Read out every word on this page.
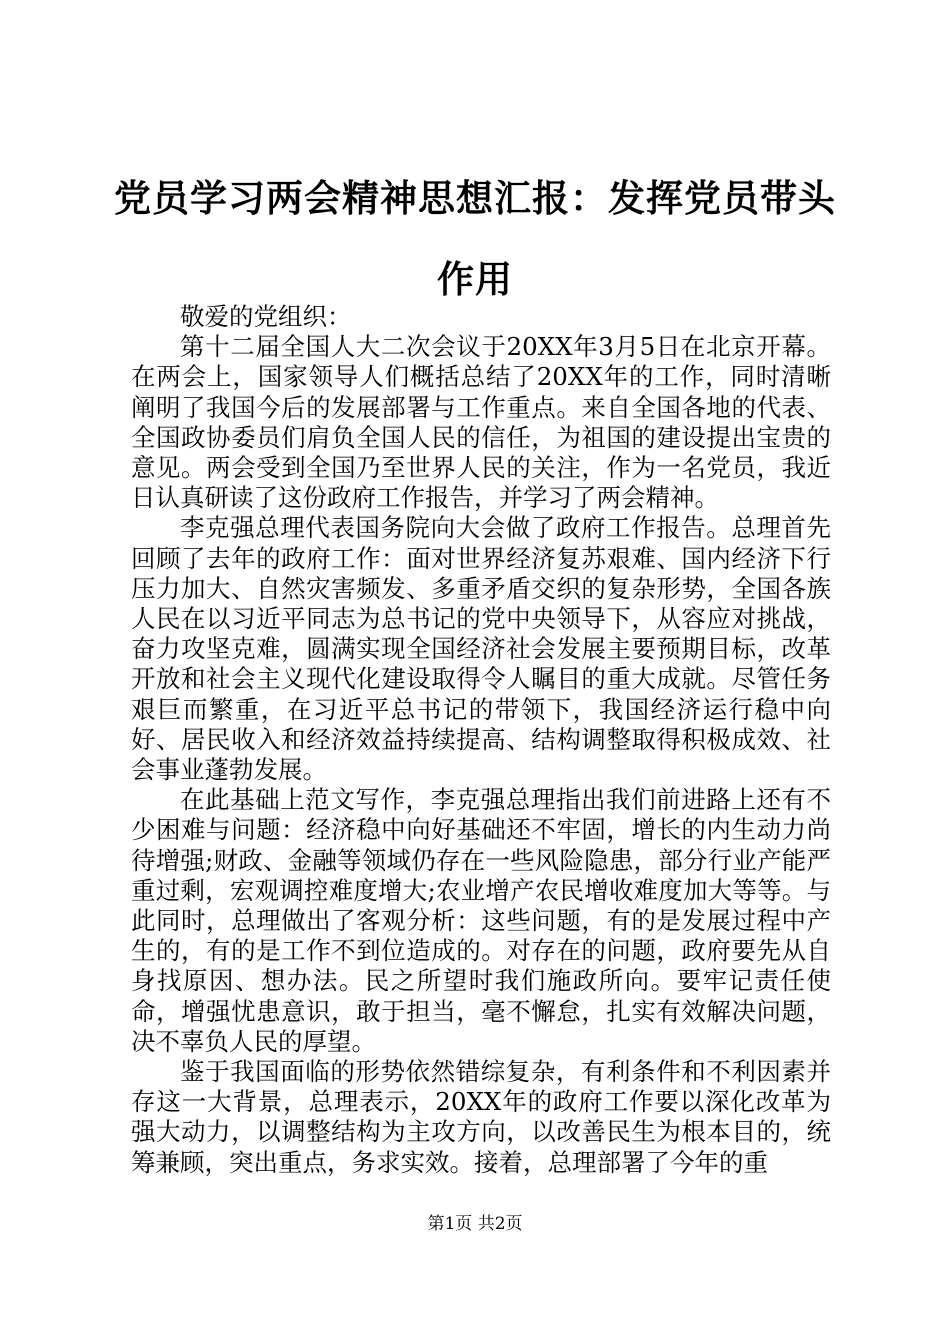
党员学习两会精神思想汇报：发挥党员带头作用

敬爱的党组织：

第十二届全国人大二次会议于20XX年3月5日在北京开幕。在两会上，国家领导人们概括总结了20XX年的工作，同时清晰阐明了我国今后的发展部署与工作重点。来自全国各地的代表、全国政协委员们肩负全国人民的信任，为祖国的建设提出宝贵的意见。两会受到全国乃至世界人民的关注，作为一名党员，我近日认真研读了这份政府工作报告，并学习了两会精神。

李克强总理代表国务院向大会做了政府工作报告。总理首先回顾了去年的政府工作：面对世界经济复苏艰难、国内经济下行压力加大、自然灾害频发、多重矛盾交织的复杂形势，全国各族人民在以习近平同志为总书记的党中央领导下，从容应对挑战，奋力攻坚克难，圆满实现全国经济社会发展主要预期目标，改革开放和社会主义现代化建设取得令人瞩目的重大成就。尽管任务艰巨而繁重，在习近平总书记的带领下，我国经济运行稳中向好、居民收入和经济效益持续提高、结构调整取得积极成效、社会事业蓬勃发展。

在此基础上范文写作，李克强总理指出我们前进路上还有不少困难与问题：经济稳中向好基础还不牢固，增长的内生动力尚待增强;财政、金融等领域仍存在一些风险隐患，部分行业产能严重过剩，宏观调控难度增大;农业增产农民增收难度加大等等。与此同时，总理做出了客观分析：这些问题，有的是发展过程中产生的，有的是工作不到位造成的。对存在的问题，政府要先从自身找原因、想办法。民之所望时我们施政所向。要牢记责任使命，增强忧患意识，敢于担当，毫不懈怠，扎实有效解决问题，决不辜负人民的厚望。

鉴于我国面临的形势依然错综复杂，有利条件和不利因素并存这一大背景，总理表示，20XX年的政府工作要以深化改革为强大动力，以调整结构为主攻方向，以改善民生为根本目的，统筹兼顾，突出重点，务求实效。接着，总理部署了今年的重

第1页 共2页
